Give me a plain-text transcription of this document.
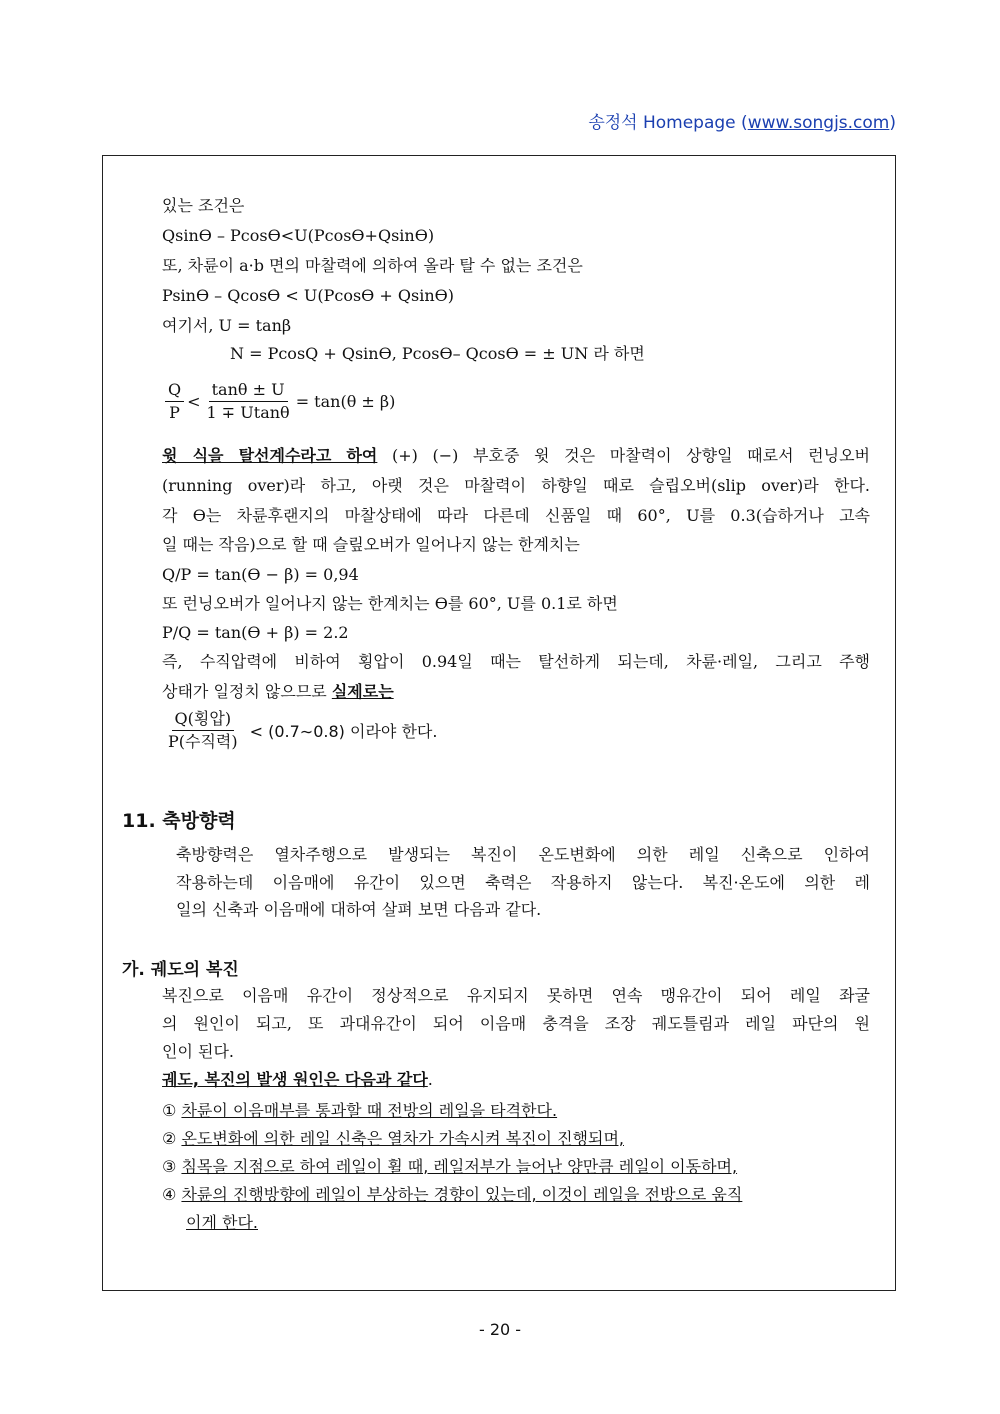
송정석 Homepage (www.songjs.com)
있는 조건은
Qsinϴ – Pcosϴ<U(Pcosϴ+Qsinϴ)
또, 차륜이 a·b 면의 마찰력에 의하여 올라 탈 수 없는 조건은
Psinϴ – Qcosϴ < U(Pcosϴ + Qsinϴ)
여기서, U = tanβ
N = PcosQ + Qsinϴ, Pcosϴ– Qcosϴ = ± UN 라 하면
$\frac{Q}{P} < \frac{\tan\theta \pm U}{1 \mp Utan\theta} = \tan(\theta \pm \beta)$
윗 식을 탈선계수라고 하여 (+) (−) 부호중 윗 것은 마찰력이 상향일 때로서 런닝오버
(running over)라 하고, 아랫 것은 마찰력이 하향일 때로 슬립오버(slip over)라 한다.
각 ϴ는 차륜후랜지의 마찰상태에 따라 다른데 신품일 때 60°, U를 0.3(습하거나 고속
일 때는 작음)으로 할 때 슬맆오버가 일어나지 않는 한계치는
Q/P = tan(ϴ − β) = 0,94
또 런닝오버가 일어나지 않는 한계치는 ϴ를 60°, U를 0.1로 하면
P/Q = tan(ϴ + β) = 2.2
즉, 수직압력에 비하여 횡압이 0.94일 때는 탈선하게 되는데, 차륜·레일, 그리고 주행
상태가 일정치 않으므로 실제로는
$\frac{\text{Q(횡압)}}{\text{P(수직력)}}$ < (0.7∼0.8) 이라야 한다.
11. 축방향력
축방향력은 열차주행으로 발생되는 복진이 온도변화에 의한 레일 신축으로 인하여
작용하는데 이음매에 유간이 있으면 축력은 작용하지 않는다. 복진·온도에 의한 레
일의 신축과 이음매에 대하여 살펴 보면 다음과 같다.
가. 궤도의 복진
복진으로 이음매 유간이 정상적으로 유지되지 못하면 연속 맹유간이 되어 레일 좌굴
의 원인이 되고, 또 과대유간이 되어 이음매 충격을 조장 궤도틀림과 레일 파단의 원
인이 된다.
궤도, 복진의 발생 원인은 다음과 같다.
① 차륜이 이음매부를 통과할 때 전방의 레일을 타격한다.
② 온도변화에 의한 레일 신축은 열차가 가속시켜 복진이 진행되며,
③ 침목을 지점으로 하여 레일이 휠 때, 레일저부가 늘어난 양만큼 레일이 이동하며,
④ 차륜의 진행방향에 레일이 부상하는 경향이 있는데, 이것이 레일을 전방으로 움직
이게 한다.
- 20 -
